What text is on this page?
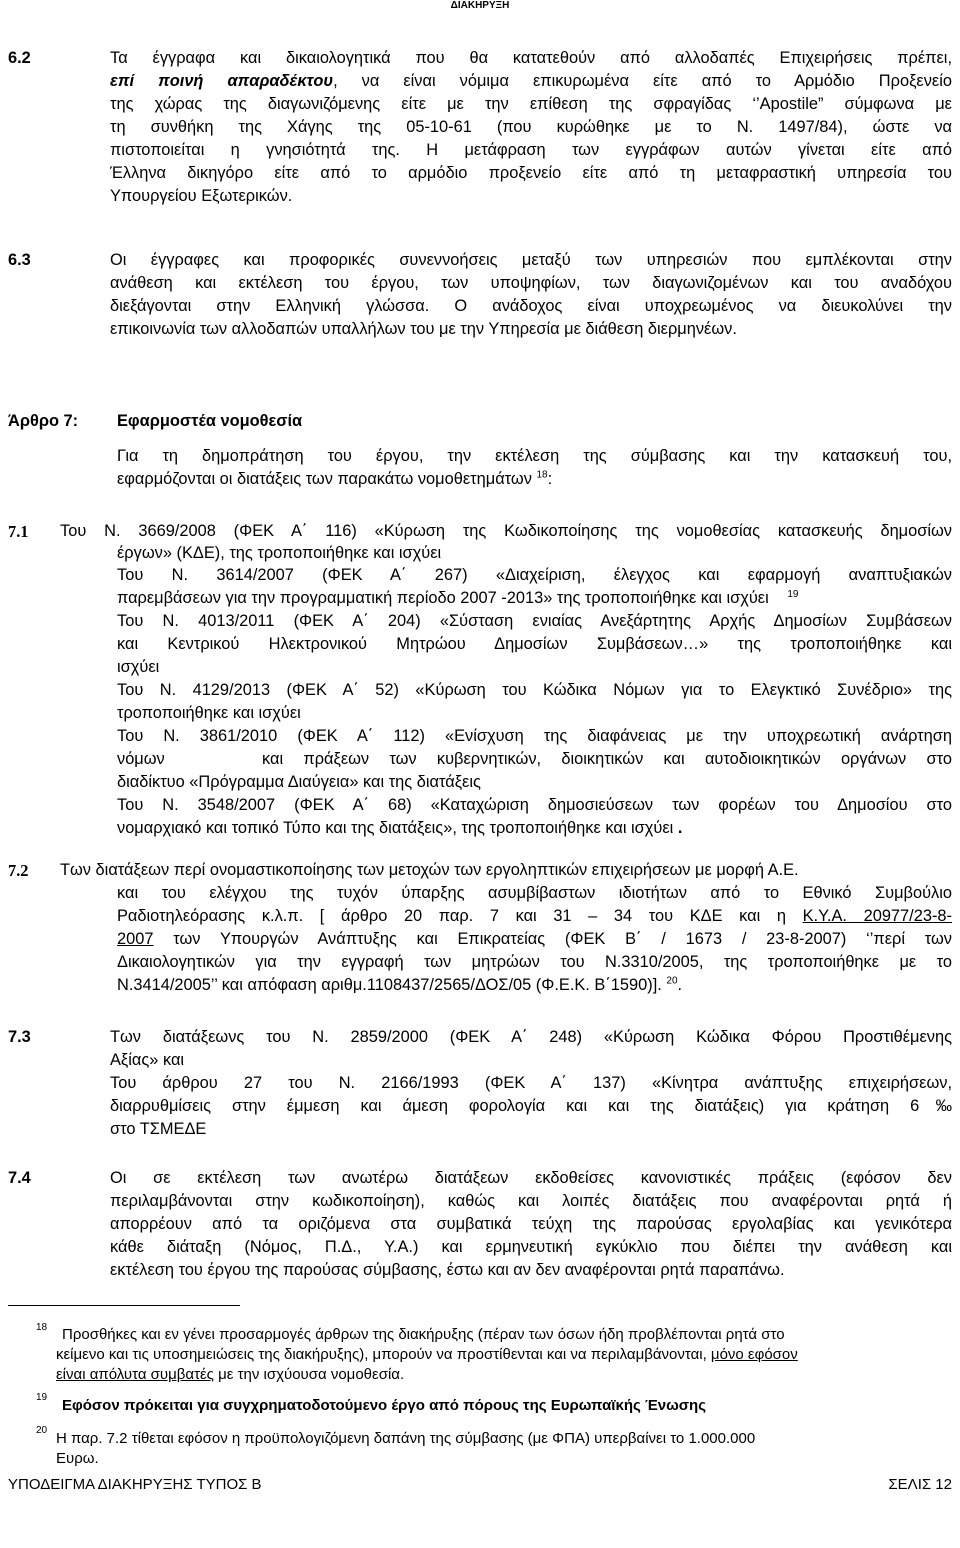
ΔΙΑΚΗΡΥΞΗ
6.2	Τα έγγραφα και δικαιολογητικά που θα κατατεθούν από αλλοδαπές Επιχειρήσεις πρέπει,
επί ποινή απαραδέκτου, να είναι νόμιμα επικυρωμένα είτε από το Αρμόδιο Προξενείο
της χώρας της διαγωνιζόμενης είτε με την επίθεση της σφραγίδας ‘’Apostile” σύμφωνα με
τη συνθήκη της Χάγης της 05-10-61 (που κυρώθηκε με το Ν. 1497/84), ώστε να
πιστοποιείται η γνησιότητά της. Η μετάφραση των εγγράφων αυτών γίνεται είτε από
Έλληνα δικηγόρο είτε από το αρμόδιο προξενείο είτε από τη μεταφραστική υπηρεσία του
Υπουργείου Εξωτερικών.
6.3	Οι έγγραφες και προφορικές συνεννοήσεις μεταξύ των υπηρεσιών που εμπλέκονται στην
ανάθεση και εκτέλεση του έργου, των υποψηφίων, των διαγωνιζομένων και του αναδόχου
διεξάγονται στην Ελληνική γλώσσα. Ο ανάδοχος είναι υποχρεωμένος να διευκολύνει την
επικοινωνία των αλλοδαπών υπαλλήλων του με την Υπηρεσία με διάθεση διερμηνέων.
Άρθρο 7: Εφαρμοστέα νομοθεσία
Για τη δημοπράτηση του έργου, την εκτέλεση της σύμβασης και την κατασκευή του,
εφαρμόζονται οι διατάξεις των παρακάτω νομοθετημάτων $^{18}$:
7.1 Του Ν. 3669/2008 (ΦΕΚ Α΄ 116) «Κύρωση της Κωδικοποίησης της νομοθεσίας κατασκευής δημοσίων
έργων» (ΚΔΕ), της τροποποιήθηκε και ισχύει
Του Ν. 3614/2007 (ΦΕΚ Α΄ 267) «Διαχείριση, έλεγχος και εφαρμογή αναπτυξιακών
παρεμβάσεων για την προγραμματική περίοδο 2007 -2013» της τροποποιήθηκε και ισχύει $^{19}$
Του Ν. 4013/2011 (ΦΕΚ Α΄ 204) «Σύσταση ενιαίας Ανεξάρτητης Αρχής Δημοσίων Συμβάσεων
και Κεντρικού Ηλεκτρονικού Μητρώου Δημοσίων Συμβάσεων…» της τροποποιήθηκε και
ισχύει
Του Ν. 4129/2013 (ΦΕΚ Α΄ 52) «Κύρωση του Κώδικα Νόμων για το Ελεγκτικό Συνέδριο» της
τροποποιήθηκε και ισχύει
Του Ν. 3861/2010 (ΦΕΚ Α΄ 112) «Ενίσχυση της διαφάνειας με την υποχρεωτική ανάρτηση
νόμων	και πράξεων των κυβερνητικών, διοικητικών και αυτοδιοικητικών οργάνων στο
διαδίκτυο «Πρόγραμμα Διαύγεια» και της διατάξεις
Του Ν. 3548/2007 (ΦΕΚ Α΄ 68) «Καταχώριση δημοσιεύσεων των φορέων του Δημοσίου στο
νομαρχιακό και τοπικό Τύπο και της διατάξεις», της τροποποιήθηκε και ισχύει .
7.2 Των διατάξεων περί ονομαστικοποίησης των μετοχών των εργοληπτικών επιχειρήσεων με μορφή Α.Ε.
και του ελέγχου της τυχόν ύπαρξης ασυμβίβαστων ιδιοτήτων από το Εθνικό Συμβούλιο
Ραδιοτηλεόρασης κ.λ.π. [ άρθρο 20 παρ. 7 και 31 – 34 του ΚΔΕ και η Κ.Υ.Α. 20977/23-8-
2007 των Υπουργών Ανάπτυξης και Επικρατείας (ΦΕΚ Β΄ / 1673 / 23-8-2007) ‘’περί των
Δικαιολογητικών για την εγγραφή των μητρώων του Ν.3310/2005, της τροποποιήθηκε με το
Ν.3414/2005’’ και απόφαση αριθμ.1108437/2565/ΔΟΣ/05 (Φ.Ε.Κ. Β΄1590)]. $^{20}$.
7.3	Των διατάξεωνς του Ν. 2859/2000 (ΦΕΚ Α΄ 248) «Κύρωση Κώδικα Φόρου Προστιθέμενης
Αξίας» και
Του άρθρου 27 του Ν. 2166/1993 (ΦΕΚ Α΄ 137) «Κίνητρα ανάπτυξης επιχειρήσεων,
διαρρυθμίσεις στην έμμεση και άμεση φορολογία και και της διατάξεις) για κράτηση 6‰
στο ΤΣΜΕΔΕ
7.4	Οι σε εκτέλεση των ανωτέρω διατάξεων εκδοθείσες κανονιστικές πράξεις (εφόσον δεν
περιλαμβάνονται στην κωδικοποίηση), καθώς και λοιπές διατάξεις που αναφέρονται ρητά ή
απορρέουν από τα οριζόμενα στα συμβατικά τεύχη της παρούσας εργολαβίας και γενικότερα
κάθε διάταξη (Νόμος, Π.Δ., Υ.Α.) και ερμηνευτική εγκύκλιο που διέπει την ανάθεση και
εκτέλεση του έργου της παρούσας σύμβασης, έστω και αν δεν αναφέρονται ρητά παραπάνω.
18 Προσθήκες και εν γένει προσαρμογές άρθρων της διακήρυξης (πέραν των όσων ήδη προβλέπονται ρητά στο
κείμενο και τις υποσημειώσεις της διακήρυξης), μπορούν να προστίθενται και να περιλαμβάνονται, μόνο εφόσον
είναι απόλυτα συμβατές με την ισχύουσα νομοθεσία.
19 Εφόσον πρόκειται για συγχρηματοδοτούμενο έργο από πόρους της Ευρωπαϊκής Ένωσης
20 Η παρ. 7.2 τίθεται εφόσον η προϋπολογιζόμενη δαπάνη της σύμβασης (με ΦΠΑ) υπερβαίνει το 1.000.000
Ευρω.
ΥΠΟΔΕΙΓΜΑ ΔΙΑΚΗΡΥΞΗΣ ΤΥΠΟΣ Β	ΣΕΛΙΣ 12
